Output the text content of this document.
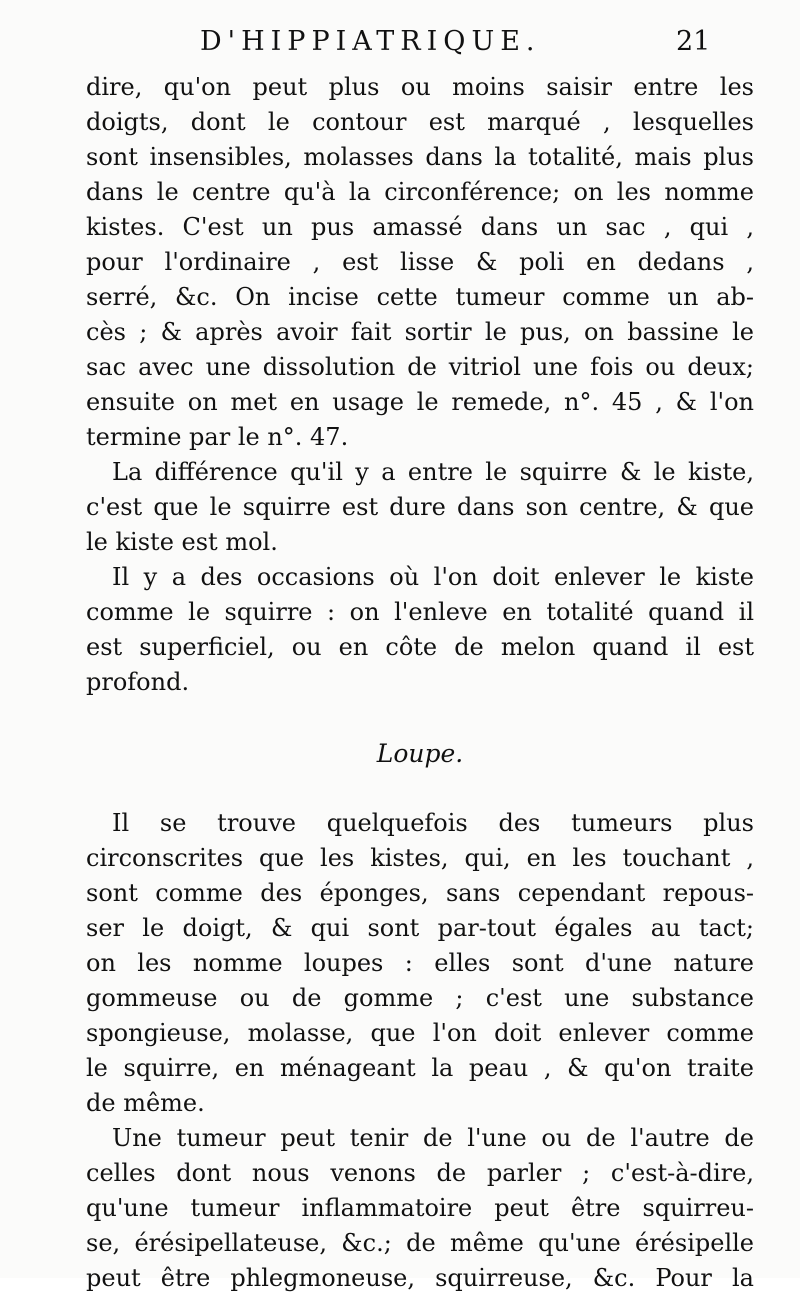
D'HIPPIATRIQUE.	21
dire, qu'on peut plus ou moins saisir entre les
doigts, dont le contour est marqué , lesquelles
sont insensibles, molasses dans la totalité, mais plus
dans le centre qu'à la circonférence; on les nomme
kistes. C'est un pus amassé dans un sac , qui ,
pour l'ordinaire , est lisse & poli en dedans ,
serré, &c. On incise cette tumeur comme un ab-
cès ; & après avoir fait sortir le pus, on bassine le
sac avec une dissolution de vitriol une fois ou deux;
ensuite on met en usage le remede, n°. 45 , & l'on
termine par le n°. 47.
La différence qu'il y a entre le squirre & le kiste,
c'est que le squirre est dure dans son centre, & que
le kiste est mol.
Il y a des occasions où l'on doit enlever le kiste
comme le squirre : on l'enleve en totalité quand il
est superficiel, ou en côte de melon quand il est
profond.
Loupe.
Il se trouve quelquefois des tumeurs plus
circonscrites que les kistes, qui, en les touchant ,
sont comme des éponges, sans cependant repous-
ser le doigt, & qui sont par-tout égales au tact;
on les nomme loupes : elles sont d'une nature
gommeuse ou de gomme ; c'est une substance
spongieuse, molasse, que l'on doit enlever comme
le squirre, en ménageant la peau , & qu'on traite
de même.
Une tumeur peut tenir de l'une ou de l'autre de
celles dont nous venons de parler ; c'est-à-dire,
qu'une tumeur inflammatoire peut être squirreu-
se, érésipellateuse, &c.; de même qu'une érésipelle
peut être phlegmoneuse, squirreuse, &c. Pour la
